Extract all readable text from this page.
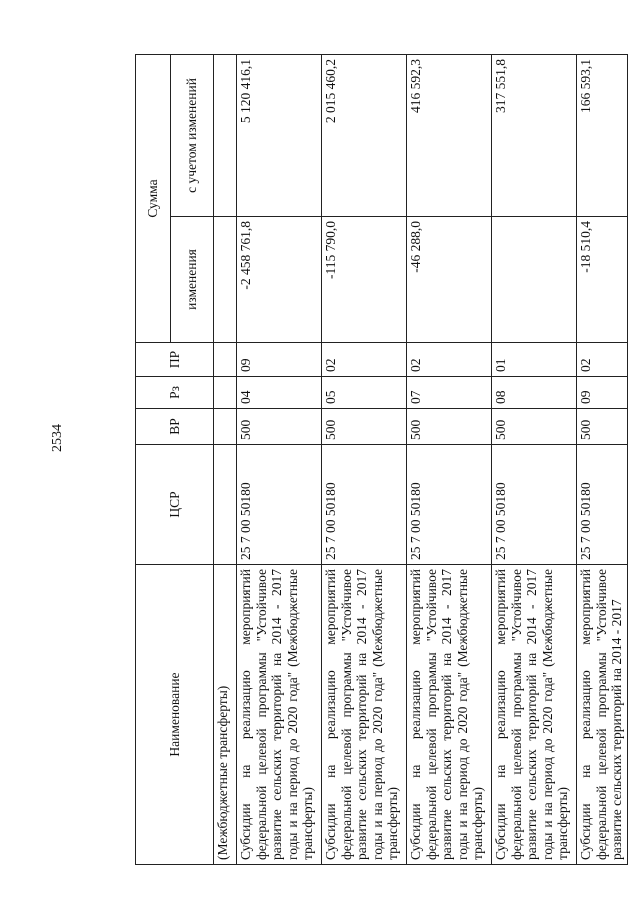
2534
Наименование	ЦСР	ВР	Рз	ПР	Сумма	
					изменения	с учетом изменений
(Межбюджетные трансферты)						
Субсидии на реализацию мероприятий федеральной целевой программы "Устойчивое развитие сельских территорий на 2014 - 2017 годы и на период до 2020 года" (Межбюджетные трансферты)	25 7 00 50180	500	04	09	-2 458 761,8	5 120 416,1
Субсидии на реализацию мероприятий федеральной целевой программы "Устойчивое развитие сельских территорий на 2014 - 2017 годы и на период до 2020 года" (Межбюджетные трансферты)	25 7 00 50180	500	05	02	-115 790,0	2 015 460,2
Субсидии на реализацию мероприятий федеральной целевой программы "Устойчивое развитие сельских территорий на 2014 - 2017 годы и на период до 2020 года" (Межбюджетные трансферты)	25 7 00 50180	500	07	02	-46 288,0	416 592,3
Субсидии на реализацию мероприятий федеральной целевой программы "Устойчивое развитие сельских территорий на 2014 - 2017 годы и на период до 2020 года" (Межбюджетные трансферты)	25 7 00 50180	500	08	01		317 551,8
Субсидии на реализацию мероприятий федеральной целевой программы "Устойчивое развитие сельских территорий на 2014 - 2017	25 7 00 50180	500	09	02	-18 510,4	166 593,1
